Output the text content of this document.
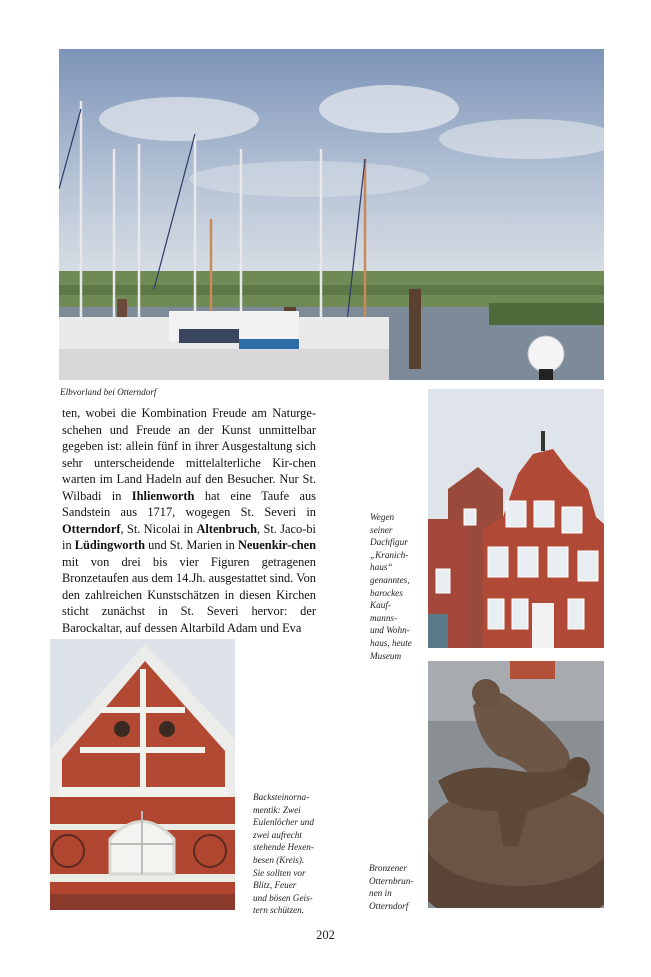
Elbvorland bei Otterndorf
ten, wobei die Kombination Freude am Naturge-schehen und Freude an der Kunst unmittelbar gegeben ist: allein fünf in ihrer Ausgestaltung sich sehr unterscheidende mittelalterliche Kir-chen warten im Land Hadeln auf den Besucher. Nur St. Wilbadi in Ihlienworth hat eine Taufe aus Sandstein aus 1717, wogegen St. Severi in Otterndorf, St. Nicolai in Altenbruch, St. Jaco-bi in Lüdingworth und St. Marien in Neuenkir-chen mit von drei bis vier Figuren getragenen Bronzetaufen aus dem 14.Jh. ausgestattet sind. Von den zahlreichen Kunstschätzen in diesen Kirchen sticht zunächst in St. Severi hervor: der Barockaltar, auf dessen Altarbild Adam und Eva
Wegen
seiner
Dachfigur
„Kranich-
haus“
genanntes,
barockes
Kauf-
manns-
und Wohn-
haus, heute
Museum
Backsteinorna-
mentik: Zwei
Eulenlöcher und
zwei aufrecht
stehende Hexen-
besen (Kreis).
Sie sollten vor
Blitz, Feuer
und bösen Geis-
tern schützen.
Bronzener
Otternbrun-
nen in
Otterndorf
202
